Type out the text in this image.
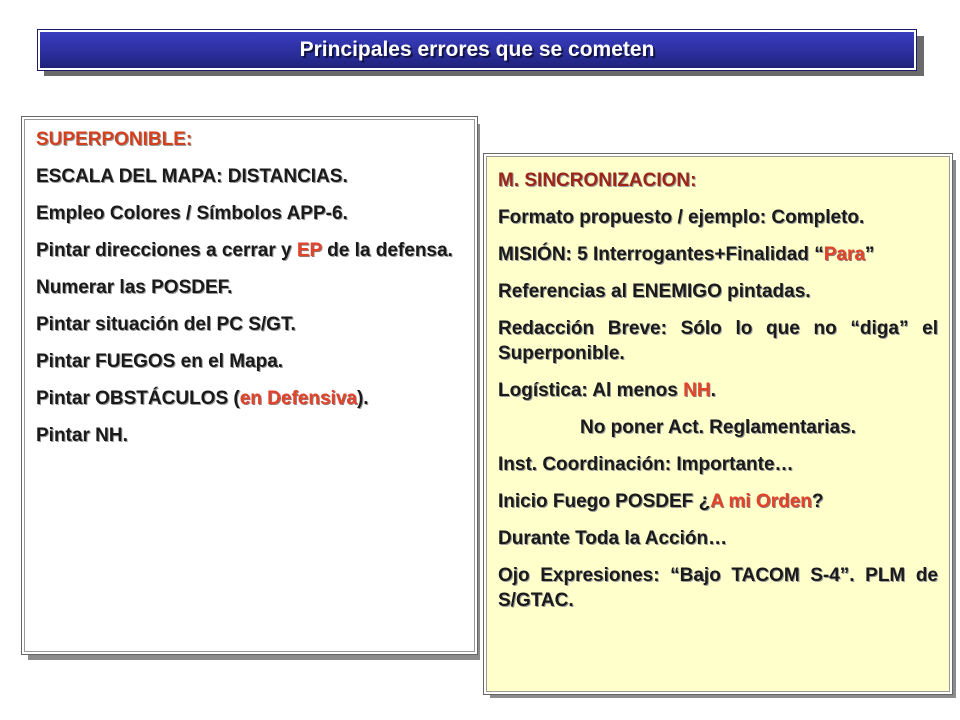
Principales errores que se cometen
SUPERPONIBLE:
ESCALA DEL MAPA: DISTANCIAS.
Empleo Colores / Símbolos APP-6.
Pintar direcciones a cerrar y EP de la defensa.
Numerar las POSDEF.
Pintar situación del PC S/GT.
Pintar FUEGOS en el Mapa.
Pintar OBSTÁCULOS (en Defensiva).
Pintar NH.
M. SINCRONIZACION:
Formato propuesto / ejemplo: Completo.
MISIÓN: 5 Interrogantes+Finalidad “Para”
Referencias al ENEMIGO pintadas.
Redacción Breve: Sólo lo que no “diga” el Superponible.
Logística: Al menos NH.
No poner Act. Reglamentarias.
Inst. Coordinación: Importante…
Inicio Fuego POSDEF ¿A mi Orden?
Durante Toda la Acción…
Ojo Expresiones: “Bajo TACOM S-4”. PLM de S/GTAC.
